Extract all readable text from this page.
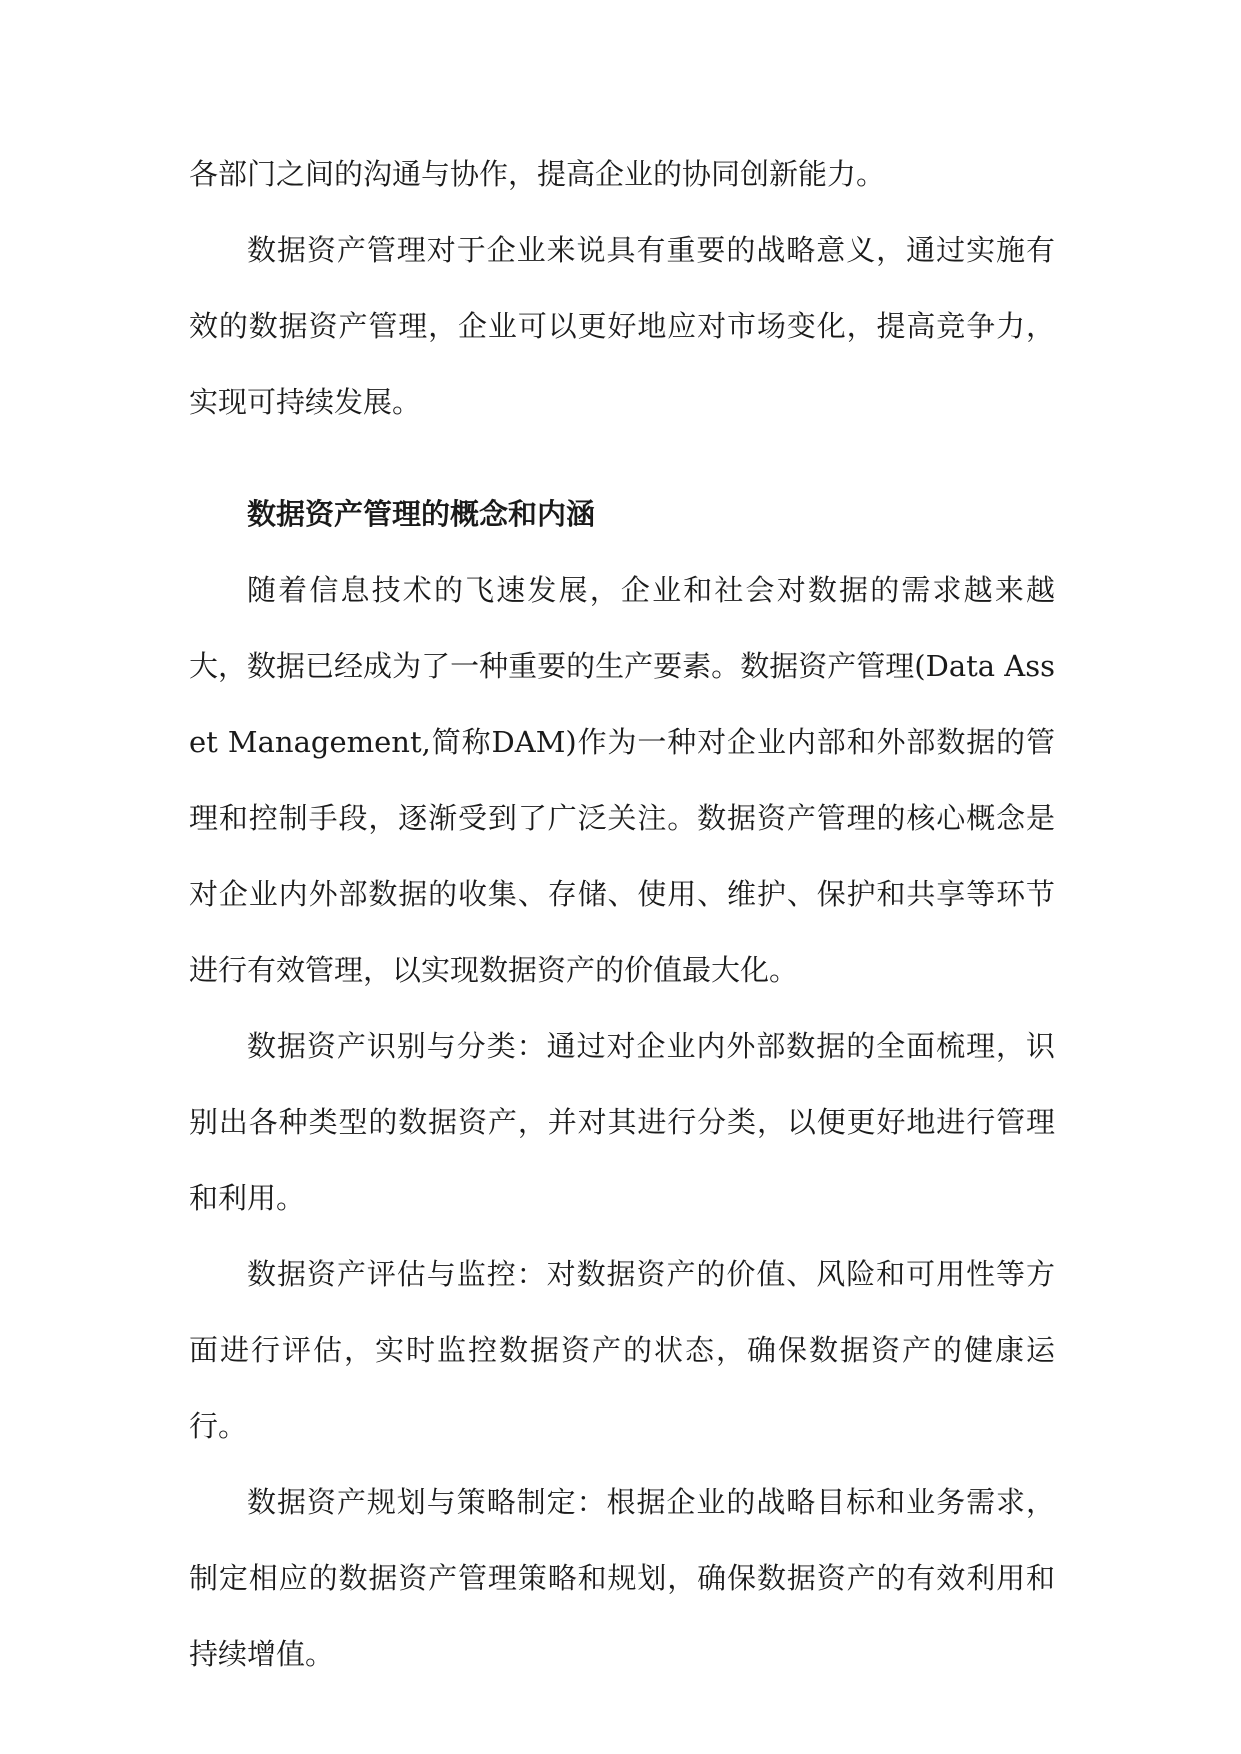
各部门之间的沟通与协作，提高企业的协同创新能力。

数据资产管理对于企业来说具有重要的战略意义，通过实施有效的数据资产管理，企业可以更好地应对市场变化，提高竞争力，实现可持续发展。

数据资产管理的概念和内涵

随着信息技术的飞速发展，企业和社会对数据的需求越来越大，数据已经成为了一种重要的生产要素。数据资产管理(Data Asset Management,简称DAM)作为一种对企业内部和外部数据的管理和控制手段，逐渐受到了广泛关注。数据资产管理的核心概念是对企业内外部数据的收集、存储、使用、维护、保护和共享等环节进行有效管理，以实现数据资产的价值最大化。

数据资产识别与分类：通过对企业内外部数据的全面梳理，识别出各种类型的数据资产，并对其进行分类，以便更好地进行管理和利用。

数据资产评估与监控：对数据资产的价值、风险和可用性等方面进行评估，实时监控数据资产的状态，确保数据资产的健康运行。

数据资产规划与策略制定：根据企业的战略目标和业务需求，制定相应的数据资产管理策略和规划，确保数据资产的有效利用和持续增值。
